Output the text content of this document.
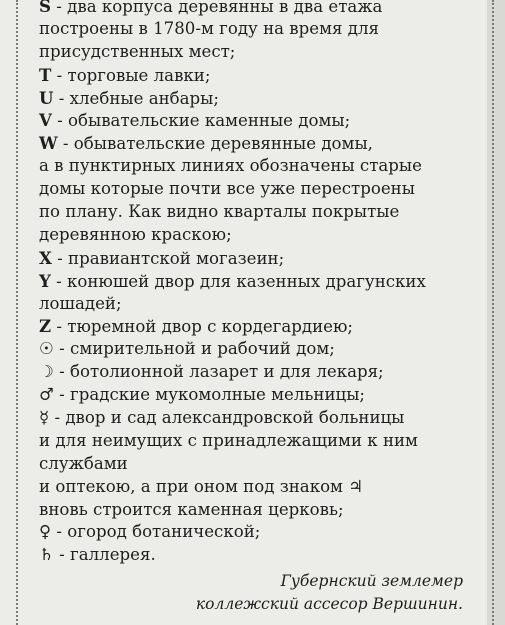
S - два корпуса деревянны в два етажа
построены в 1780-м году на время для
присудственных мест;
T - торговые лавки;
U - хлебные анбары;
V - обывательские каменные домы;
W - обывательские деревянные домы,
а в пунктирных линиях обозначены старые
домы которые почти все уже перестроены
по плану. Как видно кварталы покрытые
деревянною краскою;
X - правиантской могазеин;
Y - конюшей двор для казенных драгунских
лошадей;
Z - тюремной двор с кордегардиею;
☉ - смирительной и рабочий дом;
☽ - ботолионной лазарет и для лекаря;
♂ - градские мукомолные мельницы;
☿ - двор и сад александровской больницы
и для неимущих с принадлежащими к ним
службами
и оптекою, а при оном под знаком ♃
вновь строится каменная церковь;
♀ - огород ботанической;
♄ - галлерея.
Губернский землемер
коллежский ассесор Вершинин.
